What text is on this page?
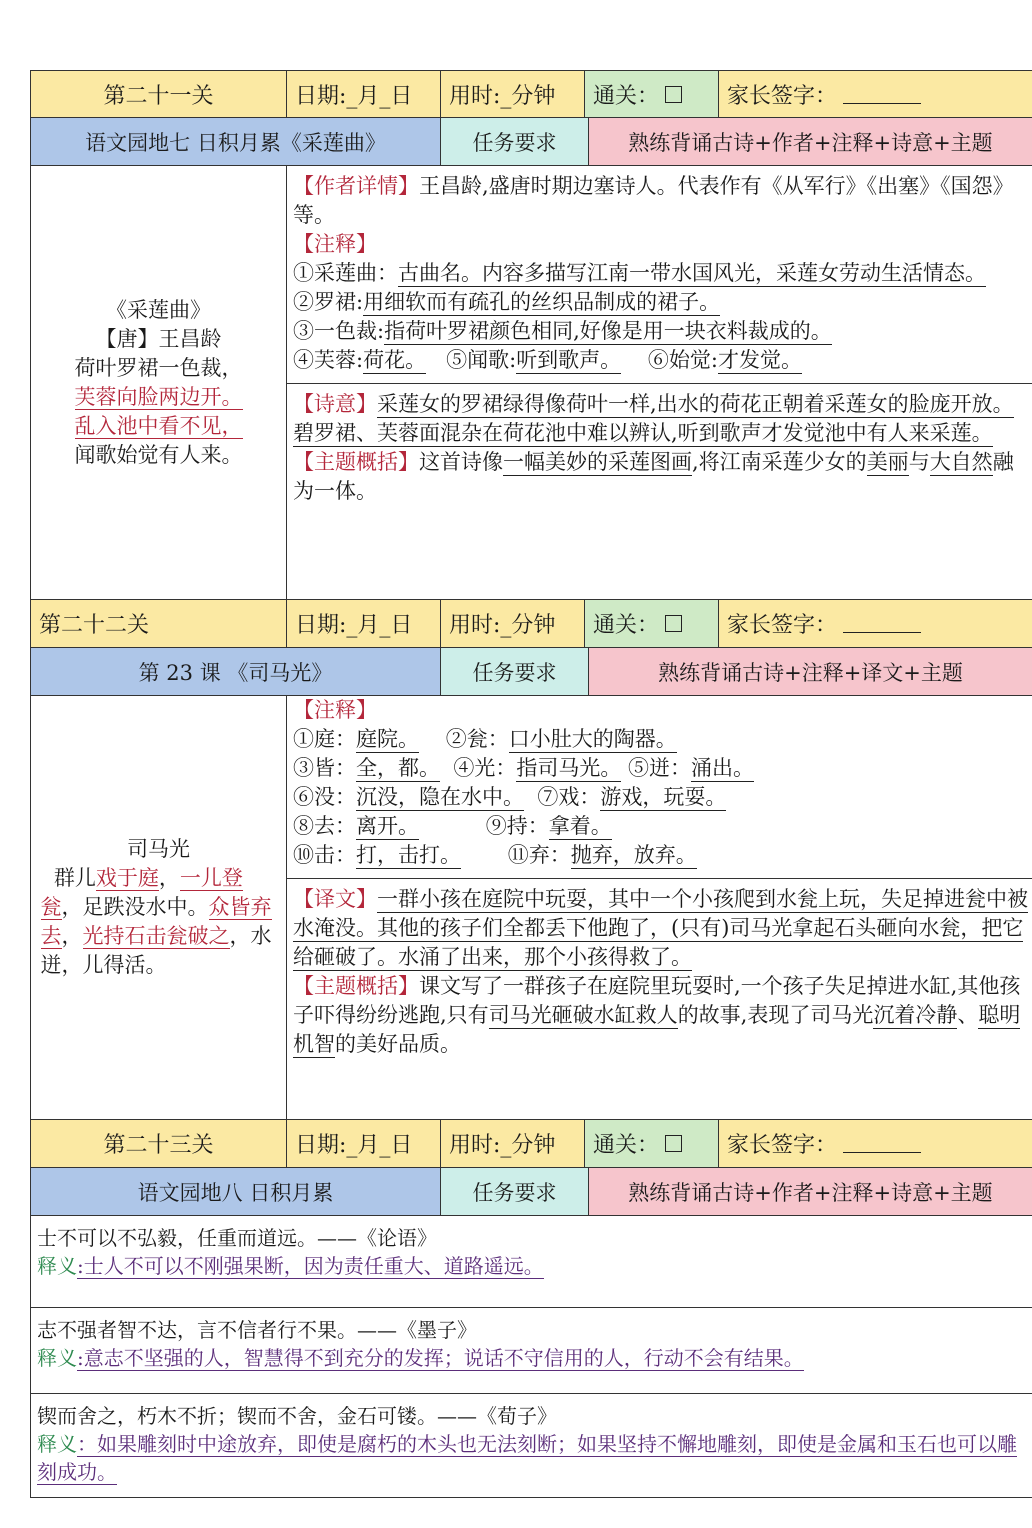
第二十一关	日期:_月_日	用时:_分钟	通关：	家长签字：
语文园地七 日积月累《采莲曲》	任务要求	熟练背诵古诗+作者+注释+诗意+主题
《采莲曲》
【唐】王昌龄
荷叶罗裙一色裁，
芙蓉向脸两边开。
乱入池中看不见，
闻歌始觉有人来。
【作者详情】王昌龄,盛唐时期边塞诗人。代表作有《从军行》《出塞》《国怨》等。
【注释】
①采莲曲：古曲名。内容多描写江南一带水国风光，采莲女劳动生活情态。
②罗裙:用细软而有疏孔的丝织品制成的裙子。
③一色裁:指荷叶罗裙颜色相同,好像是用一块衣料裁成的。
④芙蓉:荷花。 ⑤闻歌:听到歌声。 ⑥始觉:才发觉。
【诗意】采莲女的罗裙绿得像荷叶一样,出水的荷花正朝着采莲女的脸庞开放。碧罗裙、芙蓉面混杂在荷花池中难以辨认,听到歌声才发觉池中有人来采莲。
【主题概括】这首诗像一幅美妙的采莲图画,将江南采莲少女的美丽与大自然融为一体。
第二十二关	日期:_月_日	用时:_分钟	通关：	家长签字：
第 23 课 《司马光》	任务要求	熟练背诵古诗+注释+译文+主题
司马光
群儿戏于庭，一儿登瓮，足跌没水中。众皆弃去，光持石击瓮破之，水迸，儿得活。
【注释】
①庭：庭院。 ②瓮：口小肚大的陶器。
③皆：全，都。 ④光：指司马光。 ⑤迸：涌出。
⑥没：沉没，隐在水中。 ⑦戏：游戏，玩耍。
⑧去：离开。	⑨持：拿着。
⑩击：打，击打。 ⑪弃：抛弃，放弃。
【译文】一群小孩在庭院中玩耍，其中一个小孩爬到水瓮上玩，失足掉进瓮中被水淹没。其他的孩子们全都丢下他跑了，(只有)司马光拿起石头砸向水瓮，把它给砸破了。水涌了出来，那个小孩得救了。
【主题概括】课文写了一群孩子在庭院里玩耍时,一个孩子失足掉进水缸,其他孩子吓得纷纷逃跑,只有司马光砸破水缸救人的故事,表现了司马光沉着冷静、聪明机智的美好品质。
第二十三关	日期:_月_日	用时:_分钟	通关：	家长签字：
语文园地八 日积月累	任务要求	熟练背诵古诗+作者+注释+诗意+主题
士不可以不弘毅，任重而道远。——《论语》
释义:士人不可以不刚强果断，因为责任重大、道路遥远。
志不强者智不达，言不信者行不果。——《墨子》
释义:意志不坚强的人，智慧得不到充分的发挥；说话不守信用的人，行动不会有结果。
锲而舍之，朽木不折；锲而不舍，金石可镂。——《荀子》
释义：如果雕刻时中途放弃，即使是腐朽的木头也无法刻断；如果坚持不懈地雕刻，即使是金属和玉石也可以雕刻成功。
